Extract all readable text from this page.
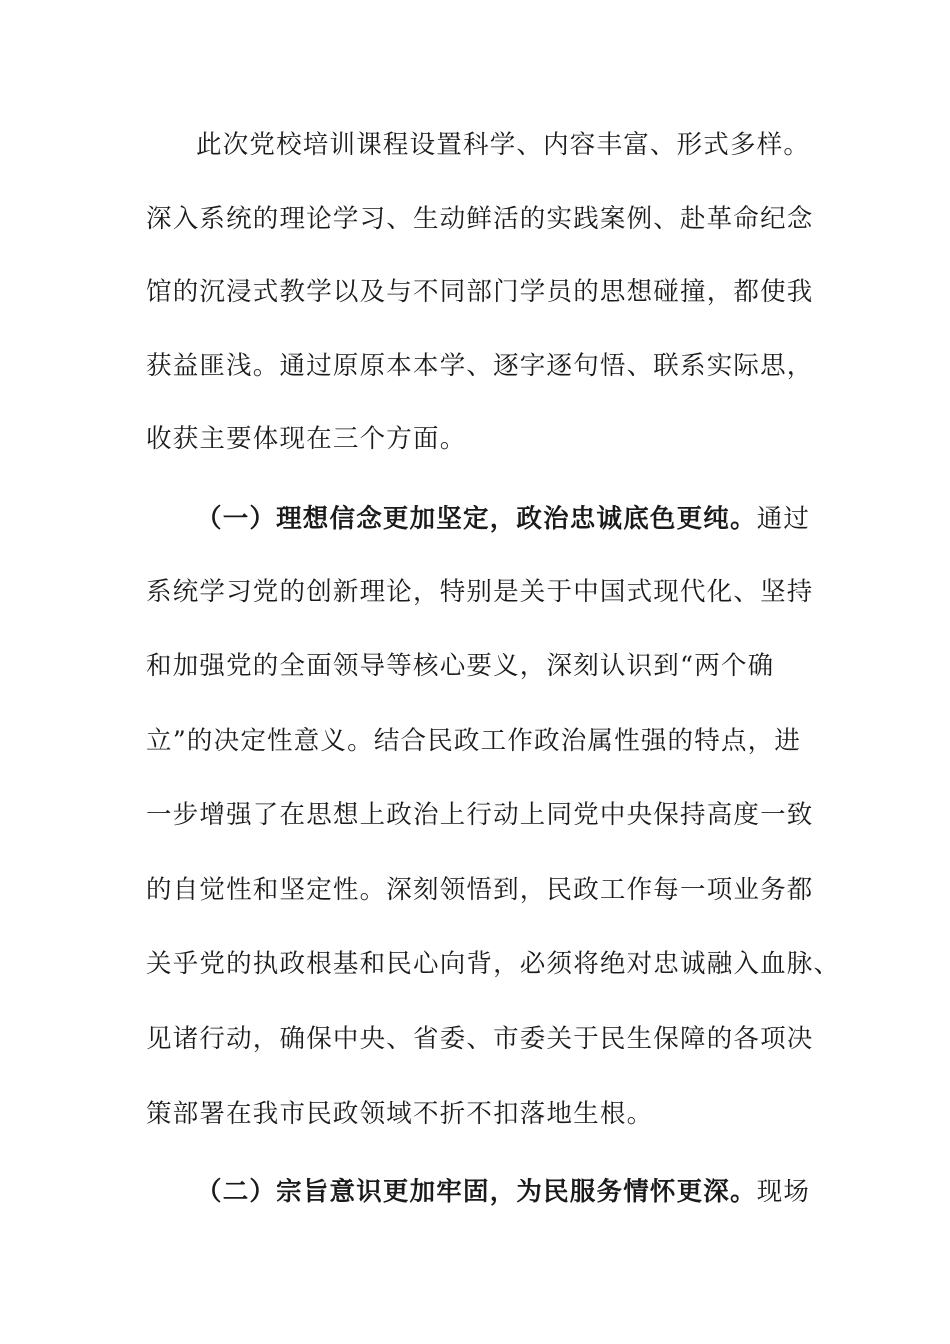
此次党校培训课程设置科学、内容丰富、形式多样。
深入系统的理论学习、生动鲜活的实践案例、赴革命纪念
馆的沉浸式教学以及与不同部门学员的思想碰撞，都使我
获益匪浅。通过原原本本学、逐字逐句悟、联系实际思，
收获主要体现在三个方面。
（一）理想信念更加坚定，政治忠诚底色更纯。通过
系统学习党的创新理论，特别是关于中国式现代化、坚持
和加强党的全面领导等核心要义，深刻认识到“两个确
立”的决定性意义。结合民政工作政治属性强的特点，进
一步增强了在思想上政治上行动上同党中央保持高度一致
的自觉性和坚定性。深刻领悟到，民政工作每一项业务都
关乎党的执政根基和民心向背，必须将绝对忠诚融入血脉、
见诸行动，确保中央、省委、市委关于民生保障的各项决
策部署在我市民政领域不折不扣落地生根。
（二）宗旨意识更加牢固，为民服务情怀更深。现场
